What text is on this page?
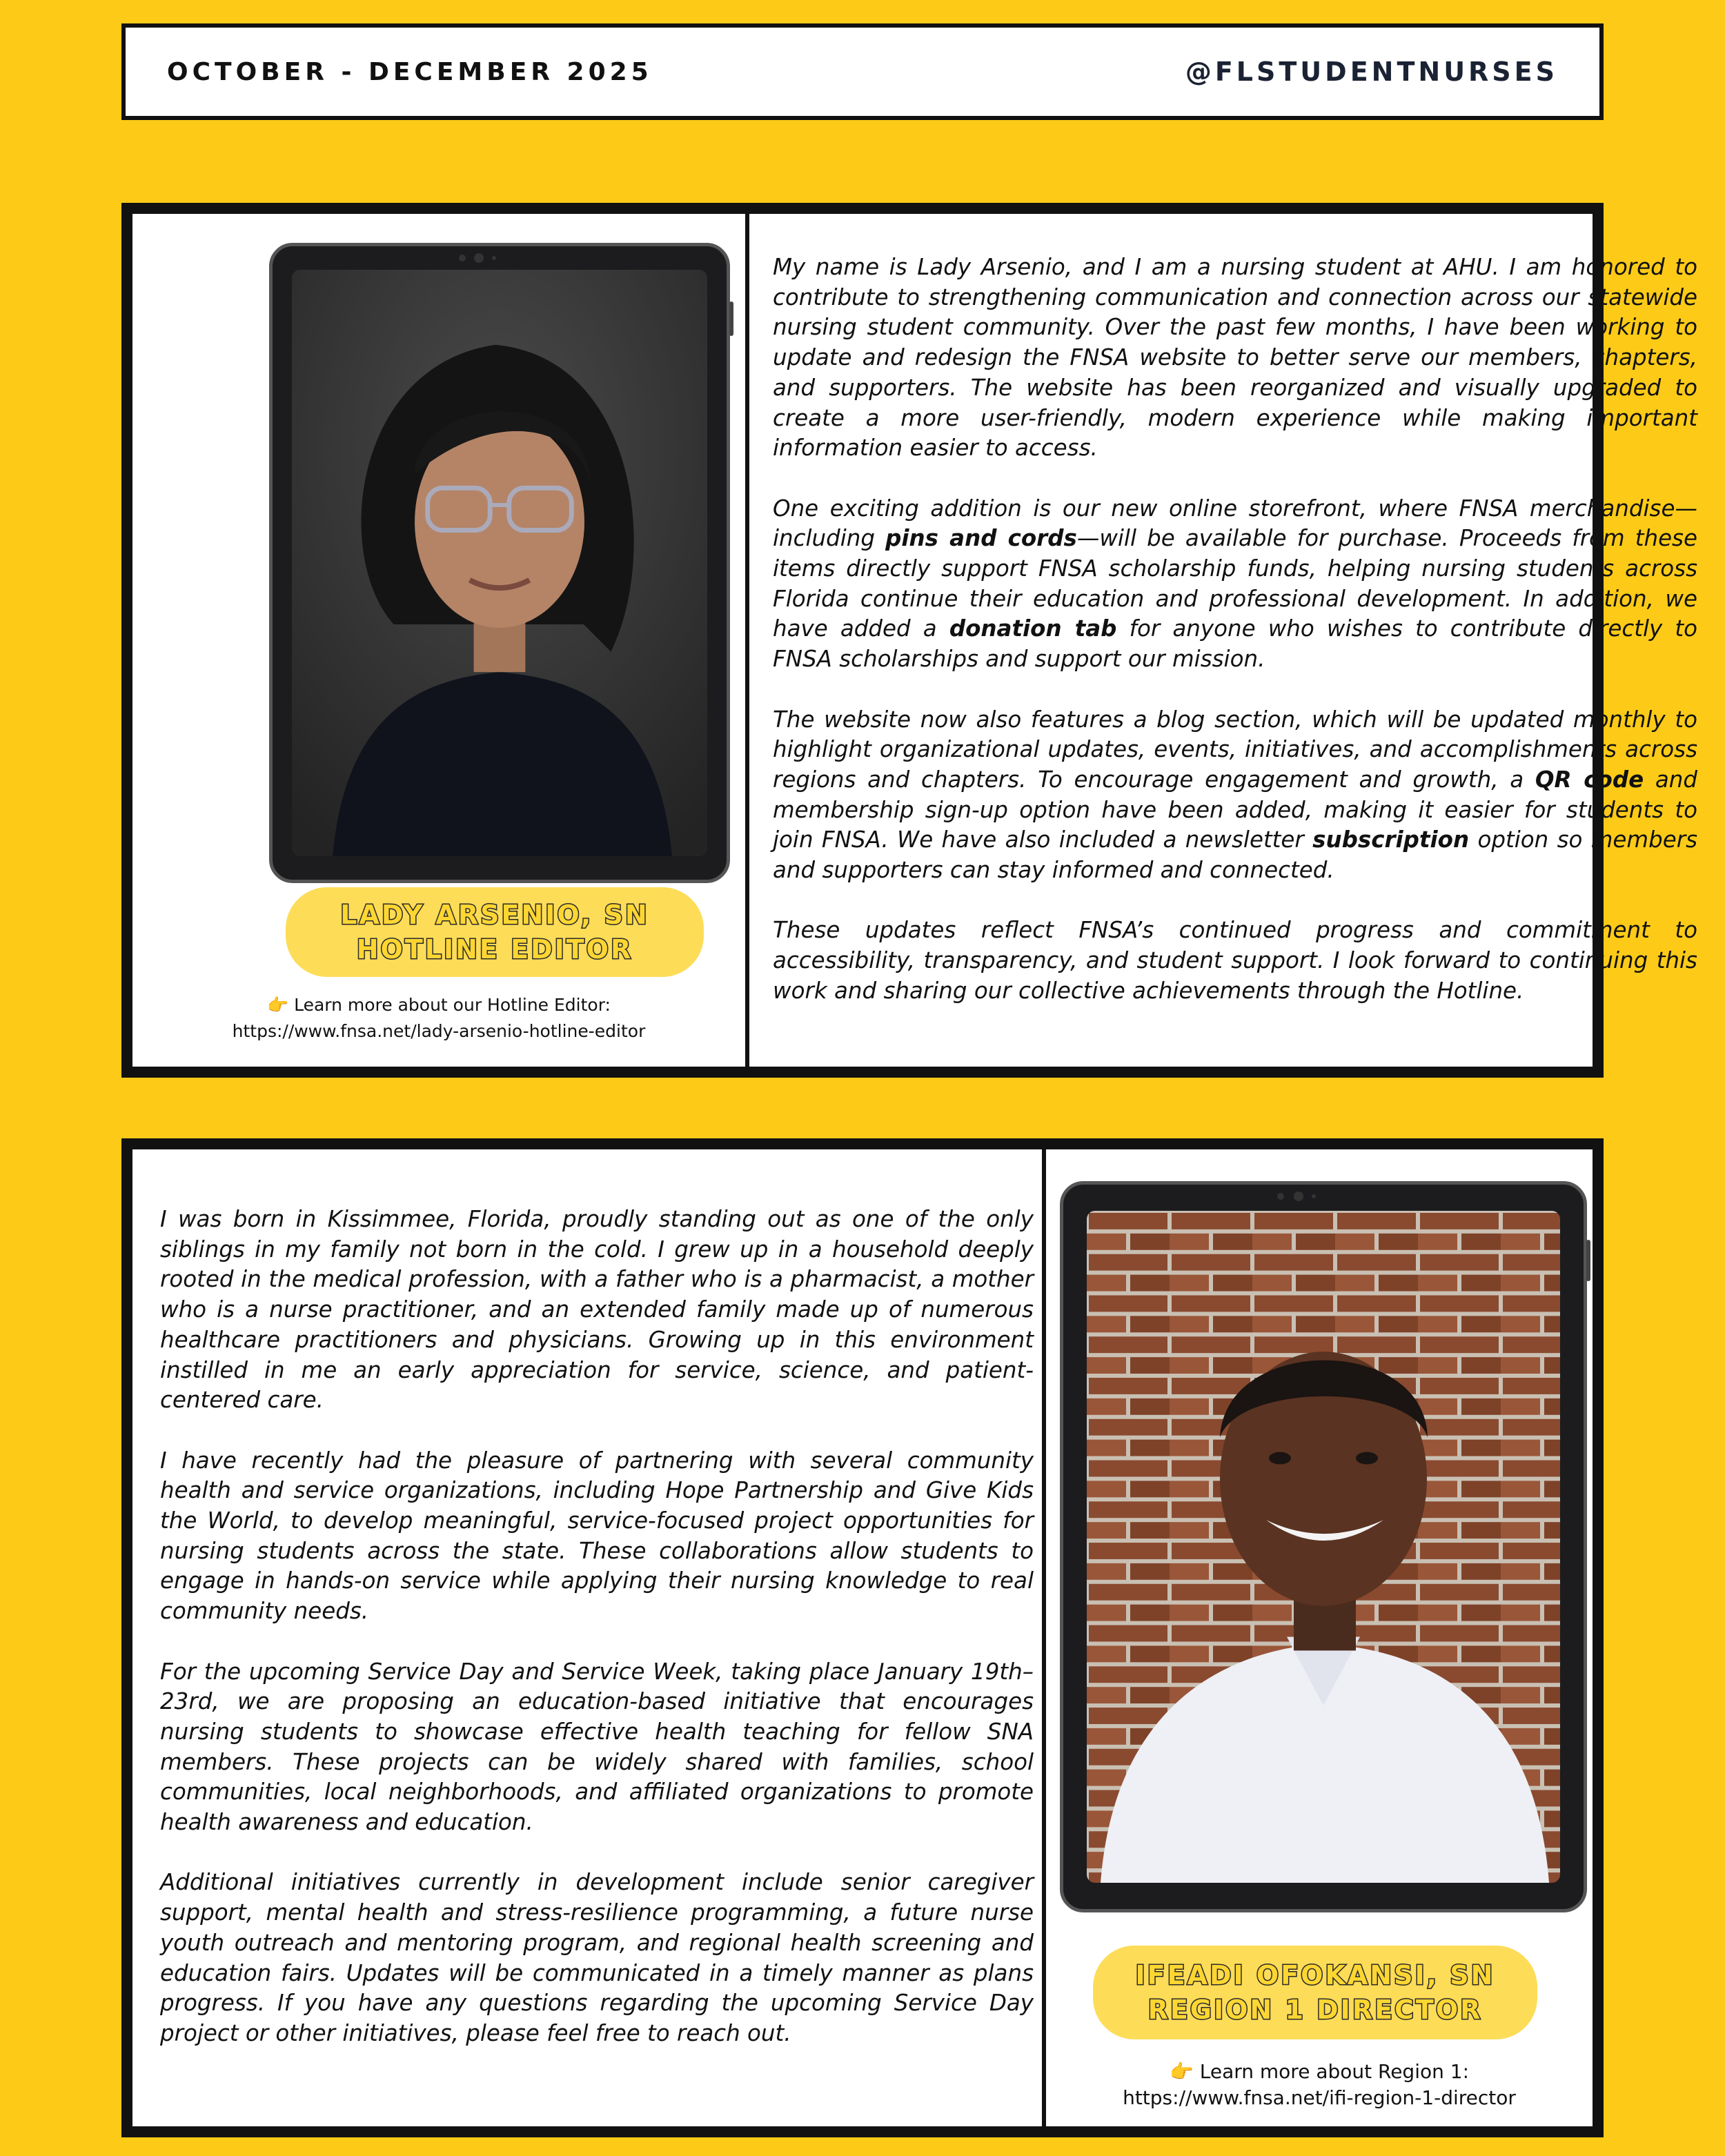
OCTOBER - DECEMBER 2025	@FLSTUDENTNURSES
LADY ARSENIO, SN
HOTLINE EDITOR
👉 Learn more about our Hotline Editor:
https://www.fnsa.net/lady-arsenio-hotline-editor

My name is Lady Arsenio, and I am a nursing student at AHU. I am honored to contribute to strengthening communication and connection across our statewide nursing student community. Over the past few months, I have been working to update and redesign the FNSA website to better serve our members, chapters, and supporters. The website has been reorganized and visually upgraded to create a more user-friendly, modern experience while making important information easier to access.

One exciting addition is our new online storefront, where FNSA merchandise—including pins and cords—will be available for purchase. Proceeds from these items directly support FNSA scholarship funds, helping nursing students across Florida continue their education and professional development. In addition, we have added a donation tab for anyone who wishes to contribute directly to FNSA scholarships and support our mission.

The website now also features a blog section, which will be updated monthly to highlight organizational updates, events, initiatives, and accomplishments across regions and chapters. To encourage engagement and growth, a QR code and membership sign-up option have been added, making it easier for students to join FNSA. We have also included a newsletter subscription option so members and supporters can stay informed and connected.

These updates reflect FNSA’s continued progress and commitment to accessibility, transparency, and student support. I look forward to continuing this work and sharing our collective achievements through the Hotline.

I was born in Kissimmee, Florida, proudly standing out as one of the only siblings in my family not born in the cold. I grew up in a household deeply rooted in the medical profession, with a father who is a pharmacist, a mother who is a nurse practitioner, and an extended family made up of numerous healthcare practitioners and physicians. Growing up in this environment instilled in me an early appreciation for service, science, and patient-centered care.

I have recently had the pleasure of partnering with several community health and service organizations, including Hope Partnership and Give Kids the World, to develop meaningful, service-focused project opportunities for nursing students across the state. These collaborations allow students to engage in hands-on service while applying their nursing knowledge to real community needs.

For the upcoming Service Day and Service Week, taking place January 19th–23rd, we are proposing an education-based initiative that encourages nursing students to showcase effective health teaching for fellow SNA members. These projects can be widely shared with families, school communities, local neighborhoods, and affiliated organizations to promote health awareness and education.

Additional initiatives currently in development include senior caregiver support, mental health and stress-resilience programming, a future nurse youth outreach and mentoring program, and regional health screening and education fairs. Updates will be communicated in a timely manner as plans progress. If you have any questions regarding the upcoming Service Day project or other initiatives, please feel free to reach out.

IFEADI OFOKANSI, SN
REGION 1 DIRECTOR
👉 Learn more about Region 1:
https://www.fnsa.net/ifi-region-1-director
